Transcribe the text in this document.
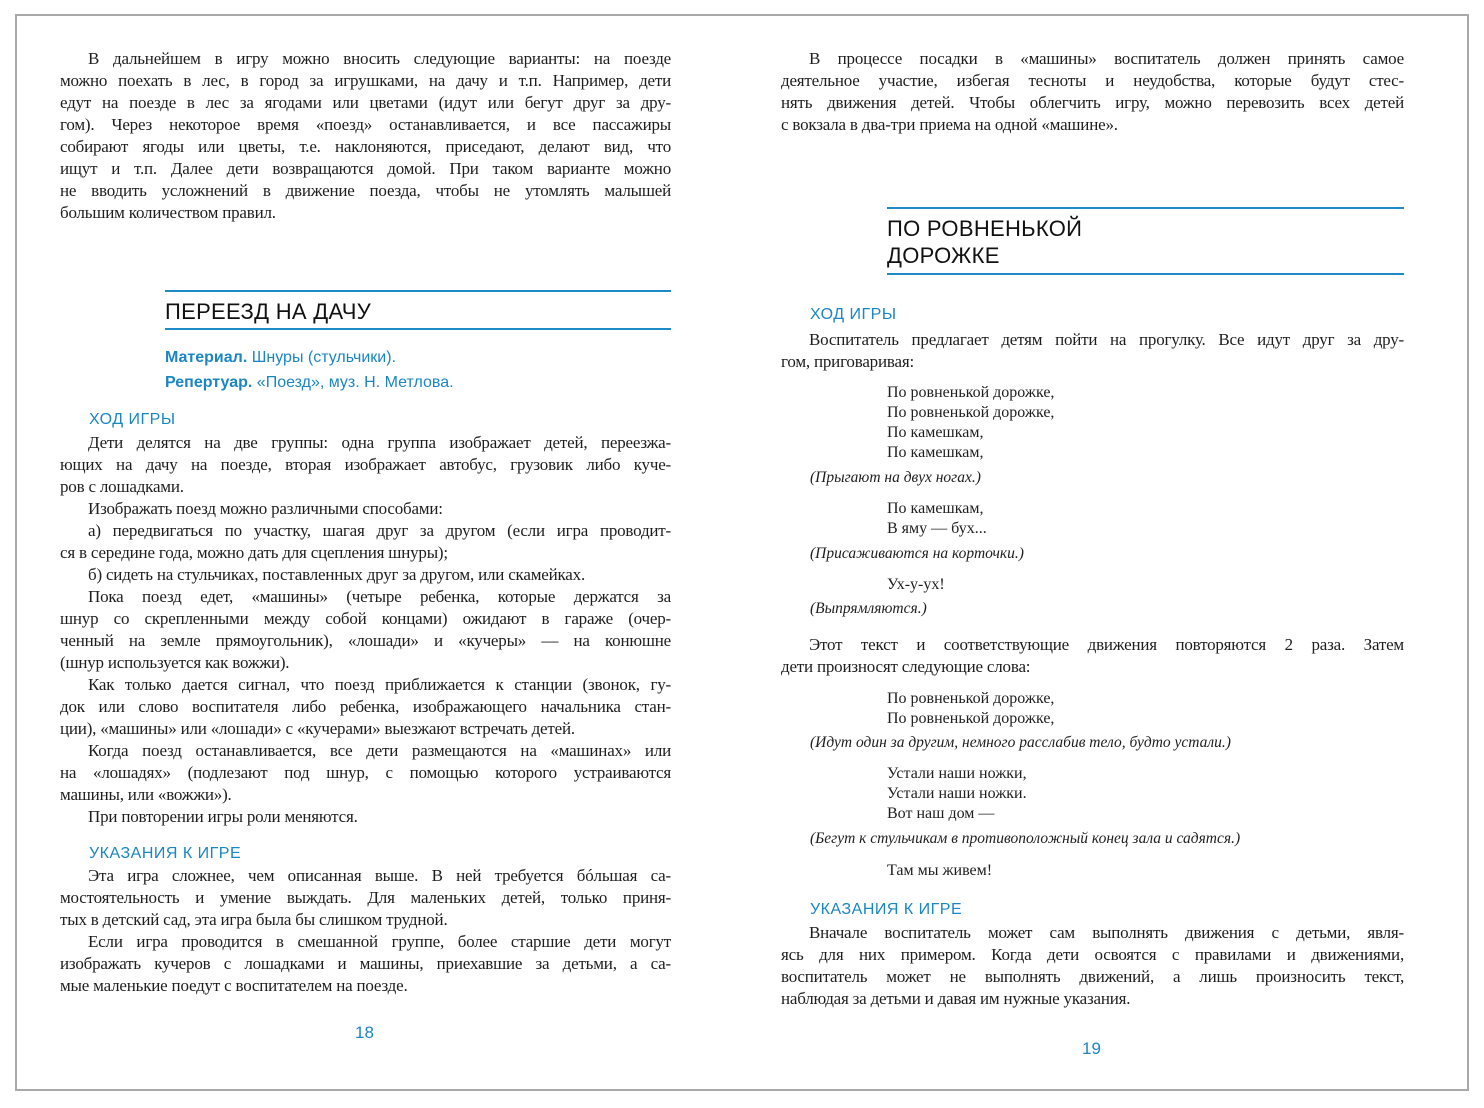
В дальнейшем в игру можно вносить следующие варианты: на поезде
можно поехать в лес, в город за игрушками, на дачу и т.п. Например, дети
едут на поезде в лес за ягодами или цветами (идут или бегут друг за дру-
гом). Через некоторое время «поезд» останавливается, и все пассажиры
собирают ягоды или цветы, т.е. наклоняются, приседают, делают вид, что
ищут и т.п. Далее дети возвращаются домой. При таком варианте можно
не вводить усложнений в движение поезда, чтобы не утомлять малышей
большим количеством правил.
ПЕРЕЕЗД НА ДАЧУ
Материал. Шнуры (стульчики).
Репертуар. «Поезд», муз. Н. Метлова.
ХОД ИГРЫ
Дети делятся на две группы: одна группа изображает детей, переезжа-
ющих на дачу на поезде, вторая изображает автобус, грузовик либо куче-
ров с лошадками.
Изображать поезд можно различными способами:
а) передвигаться по участку, шагая друг за другом (если игра проводит-
ся в середине года, можно дать для сцепления шнуры);
б) сидеть на стульчиках, поставленных друг за другом, или скамейках.
Пока поезд едет, «машины» (четыре ребенка, которые держатся за
шнур со скрепленными между собой концами) ожидают в гараже (очер-
ченный на земле прямоугольник), «лошади» и «кучеры» — на конюшне
(шнур используется как вожжи).
Как только дается сигнал, что поезд приближается к станции (звонок, гу-
док или слово воспитателя либо ребенка, изображающего начальника стан-
ции), «машины» или «лошади» с «кучерами» выезжают встречать детей.
Когда поезд останавливается, все дети размещаются на «машинах» или
на «лошадях» (подлезают под шнур, с помощью которого устраиваются
машины, или «вожжи»).
При повторении игры роли меняются.
УКАЗАНИЯ К ИГРЕ
Эта игра сложнее, чем описанная выше. В ней требуется бóльшая са-
мостоятельность и умение выждать. Для маленьких детей, только приня-
тых в детский сад, эта игра была бы слишком трудной.
Если игра проводится в смешанной группе, более старшие дети могут
изображать кучеров с лошадками и машины, приехавшие за детьми, а са-
мые маленькие поедут с воспитателем на поезде.
18
В процессе посадки в «машины» воспитатель должен принять самое
деятельное участие, избегая тесноты и неудобства, которые будут стес-
нять движения детей. Чтобы облегчить игру, можно перевозить всех детей
с вокзала в два-три приема на одной «машине».
ПО РОВНЕНЬКОЙ
ДОРОЖКЕ
ХОД ИГРЫ
Воспитатель предлагает детям пойти на прогулку. Все идут друг за дру-
гом, приговаривая:
По ровненькой дорожке,
По ровненькой дорожке,
По камешкам,
По камешкам,
(Прыгают на двух ногах.)
По камешкам,
В яму — бух...
(Присаживаются на корточки.)
Ух-у-ух!
(Выпрямляются.)
Этот текст и соответствующие движения повторяются 2 раза. Затем
дети произносят следующие слова:
По ровненькой дорожке,
По ровненькой дорожке,
(Идут один за другим, немного расслабив тело, будто устали.)
Устали наши ножки,
Устали наши ножки.
Вот наш дом —
(Бегут к стульчикам в противоположный конец зала и садятся.)
Там мы живем!
УКАЗАНИЯ К ИГРЕ
Вначале воспитатель может сам выполнять движения с детьми, явля-
ясь для них примером. Когда дети освоятся с правилами и движениями,
воспитатель может не выполнять движений, а лишь произносить текст,
наблюдая за детьми и давая им нужные указания.
19
